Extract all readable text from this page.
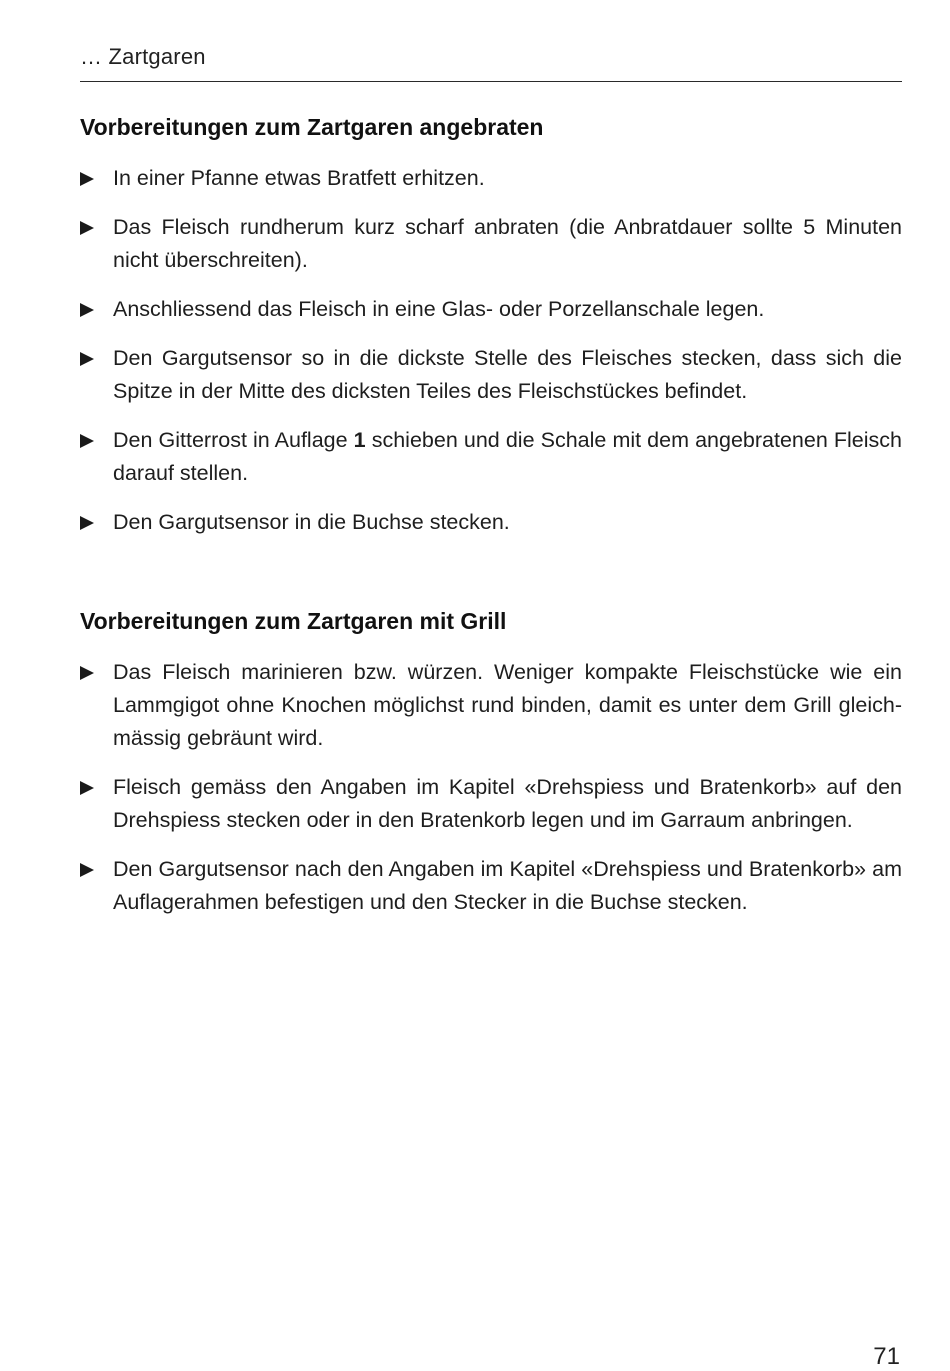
… Zartgaren
Vorbereitungen zum Zartgaren angebraten
In einer Pfanne etwas Bratfett erhitzen.
Das Fleisch rundherum kurz scharf anbraten (die Anbratdauer sollte 5 Minuten nicht überschreiten).
Anschliessend das Fleisch in eine Glas- oder Porzellanschale legen.
Den Gargutsensor so in die dickste Stelle des Fleisches stecken, dass sich die Spitze in der Mitte des dicksten Teiles des Fleischstückes befindet.
Den Gitterrost in Auflage 1 schieben und die Schale mit dem angebratenen Fleisch darauf stellen.
Den Gargutsensor in die Buchse stecken.
Vorbereitungen zum Zartgaren mit Grill
Das Fleisch marinieren bzw. würzen. Weniger kompakte Fleischstücke wie ein Lammgigot ohne Knochen möglichst rund binden, damit es unter dem Grill gleichmässig gebräunt wird.
Fleisch gemäss den Angaben im Kapitel «Drehspiess und Bratenkorb» auf den Drehspiess stecken oder in den Bratenkorb legen und im Garraum anbringen.
Den Gargutsensor nach den Angaben im Kapitel «Drehspiess und Bratenkorb» am Auflagerahmen befestigen und den Stecker in die Buchse stecken.
71
